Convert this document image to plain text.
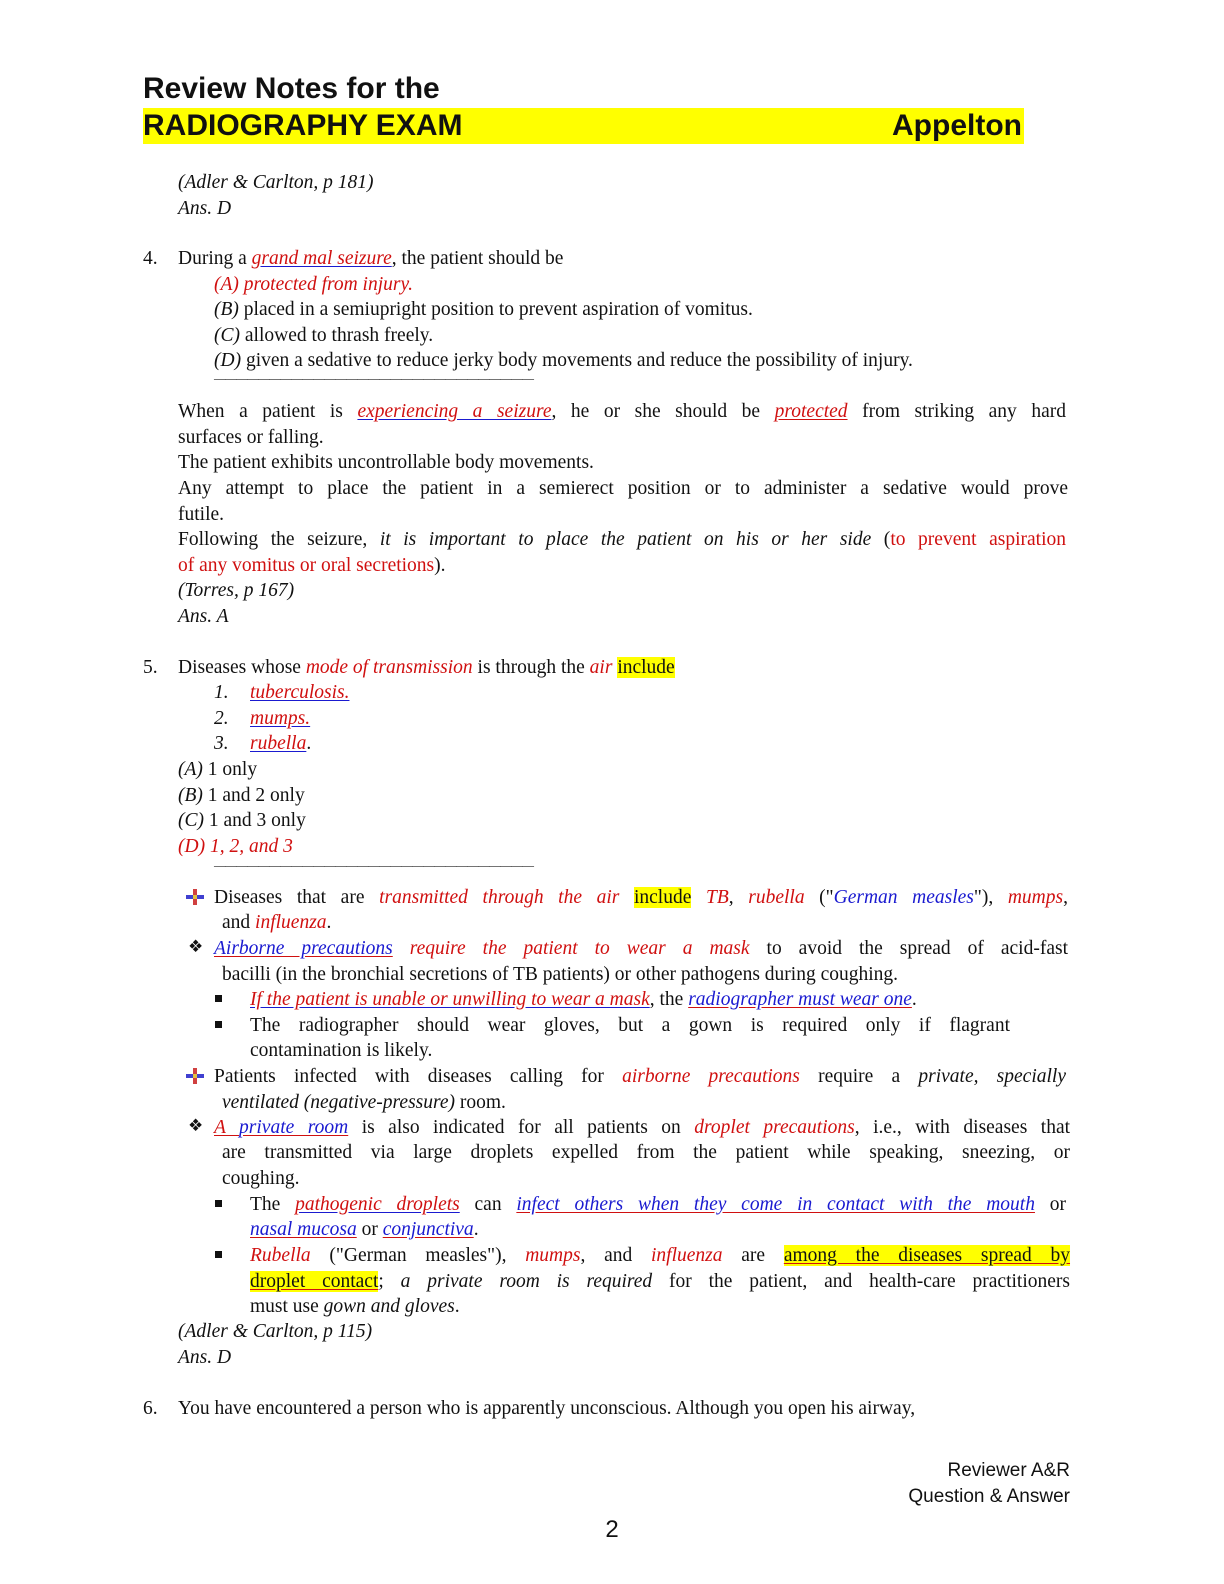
Review Notes for the
RADIOGRAPHY EXAM	Appelton
(Adler & Carlton, p 181)
Ans. D
4. During a grand mal seizure, the patient should be
(A) protected from injury.
(B) placed in a semiupright position to prevent aspiration of vomitus.
(C) allowed to thrash freely.
(D) given a sedative to reduce jerky body movements and reduce the possibility of injury.
—————————————————————————————
When a patient is experiencing a seizure, he or she should be protected from striking any hard
surfaces or falling.
The patient exhibits uncontrollable body movements.
Any attempt to place the patient in a semierect position or to administer a sedative would prove
futile.
Following the seizure, it is important to place the patient on his or her side (to prevent aspiration
of any vomitus or oral secretions).
(Torres, p 167)
Ans. A
5. Diseases whose mode of transmission is through the air include
1. tuberculosis.
2. mumps.
3. rubella.
(A) 1 only
(B) 1 and 2 only
(C) 1 and 3 only
(D) 1, 2, and 3
—————————————————————————————
Diseases that are transmitted through the air include TB, rubella ("German measles"), mumps,
and influenza.
❖ Airborne precautions require the patient to wear a mask to avoid the spread of acid-fast
bacilli (in the bronchial secretions of TB patients) or other pathogens during coughing.
If the patient is unable or unwilling to wear a mask, the radiographer must wear one.
The radiographer should wear gloves, but a gown is required only if flagrant
contamination is likely.
Patients infected with diseases calling for airborne precautions require a private, specially
ventilated (negative-pressure) room.
❖ A private room is also indicated for all patients on droplet precautions, i.e., with diseases that
are transmitted via large droplets expelled from the patient while speaking, sneezing, or
coughing.
The pathogenic droplets can infect others when they come in contact with the mouth or
nasal mucosa or conjunctiva.
Rubella ("German measles"), mumps, and influenza are among the diseases spread by
droplet contact; a private room is required for the patient, and health-care practitioners
must use gown and gloves.
(Adler & Carlton, p 115)
Ans. D
6. You have encountered a person who is apparently unconscious. Although you open his airway,
Reviewer A&R
Question & Answer
2
